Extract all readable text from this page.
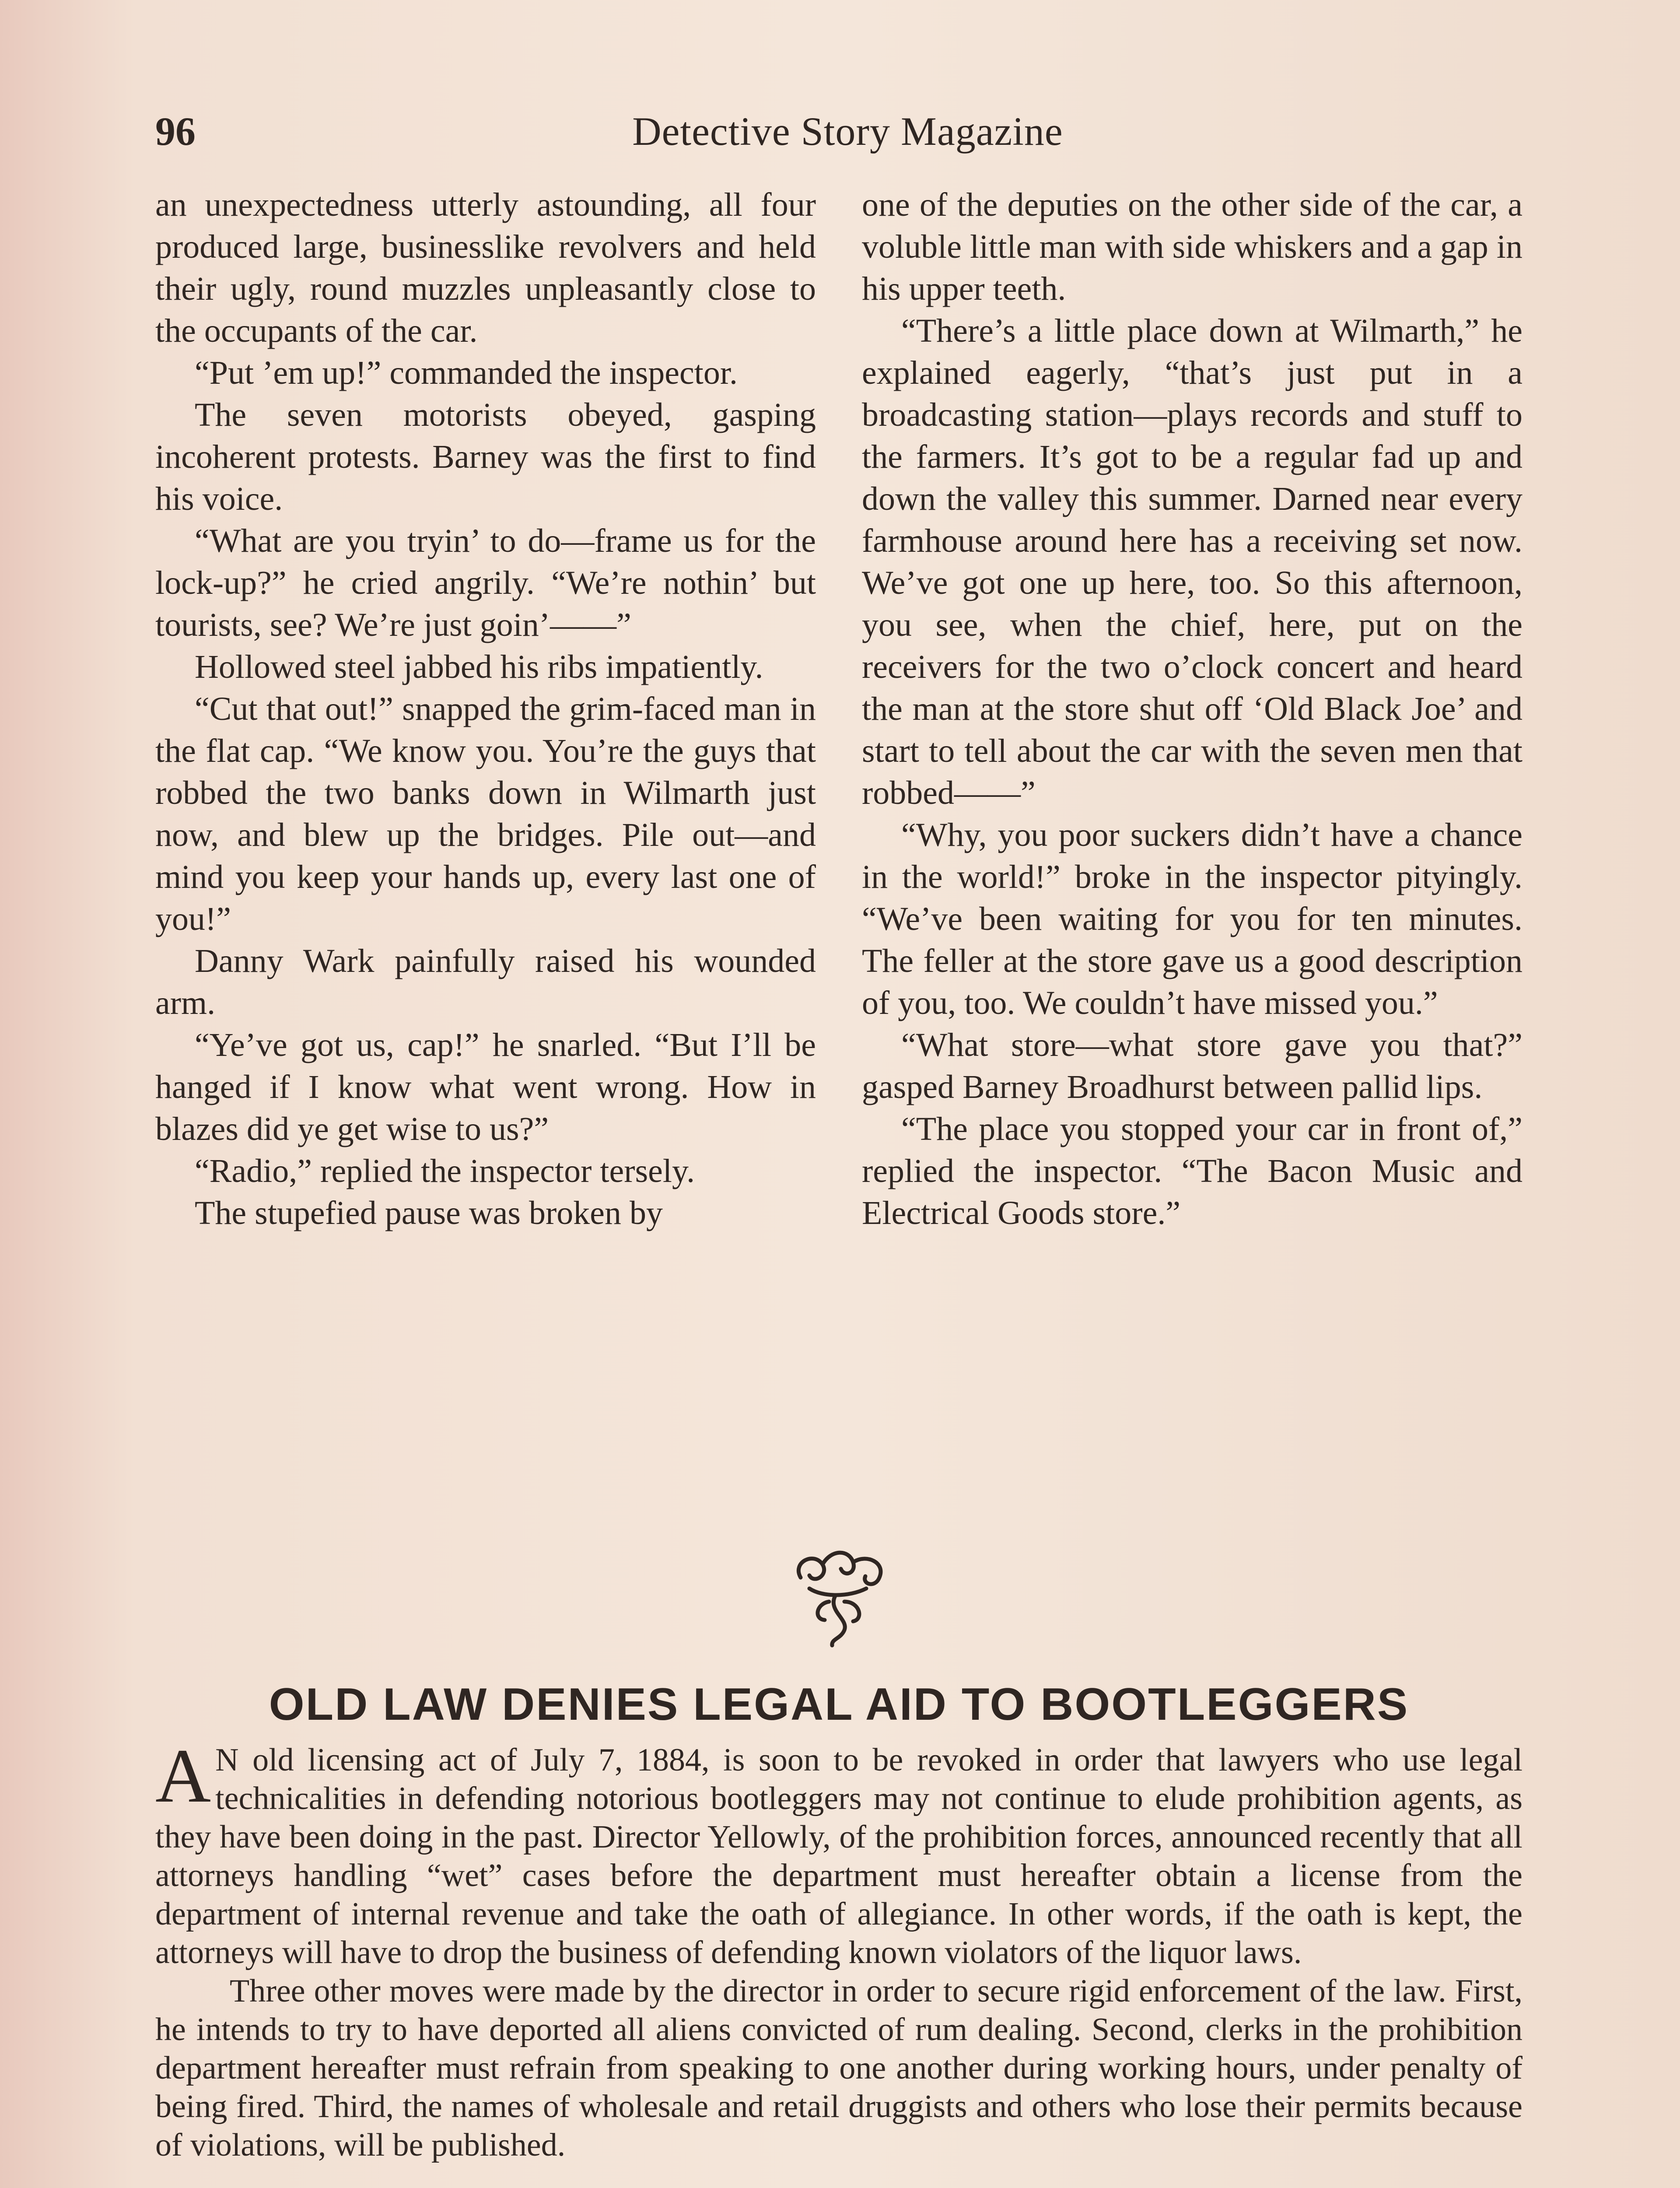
96	Detective Story Magazine

an unexpectedness utterly astounding, all four produced large, businesslike revolvers and held their ugly, round muzzles unpleasantly close to the occupants of the car.

“Put ’em up!” commanded the inspector.

The seven motorists obeyed, gasping incoherent protests. Barney was the first to find his voice.

“What are you tryin’ to do—frame us for the lock-up?” he cried angrily. “We’re nothin’ but tourists, see? We’re just goin’——”

Hollowed steel jabbed his ribs impatiently.

“Cut that out!” snapped the grim-faced man in the flat cap. “We know you. You’re the guys that robbed the two banks down in Wilmarth just now, and blew up the bridges. Pile out—and mind you keep your hands up, every last one of you!”

Danny Wark painfully raised his wounded arm.

“Ye’ve got us, cap!” he snarled. “But I’ll be hanged if I know what went wrong. How in blazes did ye get wise to us?”

“Radio,” replied the inspector tersely.

The stupefied pause was broken by

one of the deputies on the other side of the car, a voluble little man with side whiskers and a gap in his upper teeth.

“There’s a little place down at Wilmarth,” he explained eagerly, “that’s just put in a broadcasting station—plays records and stuff to the farmers. It’s got to be a regular fad up and down the valley this summer. Darned near every farmhouse around here has a receiving set now. We’ve got one up here, too. So this afternoon, you see, when the chief, here, put on the receivers for the two o’clock concert and heard the man at the store shut off ‘Old Black Joe’ and start to tell about the car with the seven men that robbed——”

“Why, you poor suckers didn’t have a chance in the world!” broke in the inspector pityingly. “We’ve been waiting for you for ten minutes. The feller at the store gave us a good description of you, too. We couldn’t have missed you.”

“What store—what store gave you that?” gasped Barney Broadhurst between pallid lips.

“The place you stopped your car in front of,” replied the inspector. “The Bacon Music and Electrical Goods store.”

OLD LAW DENIES LEGAL AID TO BOOTLEGGERS

A N old licensing act of July 7, 1884, is soon to be revoked in order that lawyers who use legal technicalities in defending notorious bootleggers may not continue to elude prohibition agents, as they have been doing in the past. Director Yellowly, of the prohibition forces, announced recently that all attorneys handling “wet” cases before the department must hereafter obtain a license from the department of internal revenue and take the oath of allegiance. In other words, if the oath is kept, the attorneys will have to drop the business of defending known violators of the liquor laws.

Three other moves were made by the director in order to secure rigid enforcement of the law. First, he intends to try to have deported all aliens convicted of rum dealing. Second, clerks in the prohibition department hereafter must refrain from speaking to one another during working hours, under penalty of being fired. Third, the names of wholesale and retail druggists and others who lose their permits because of violations, will be published.
